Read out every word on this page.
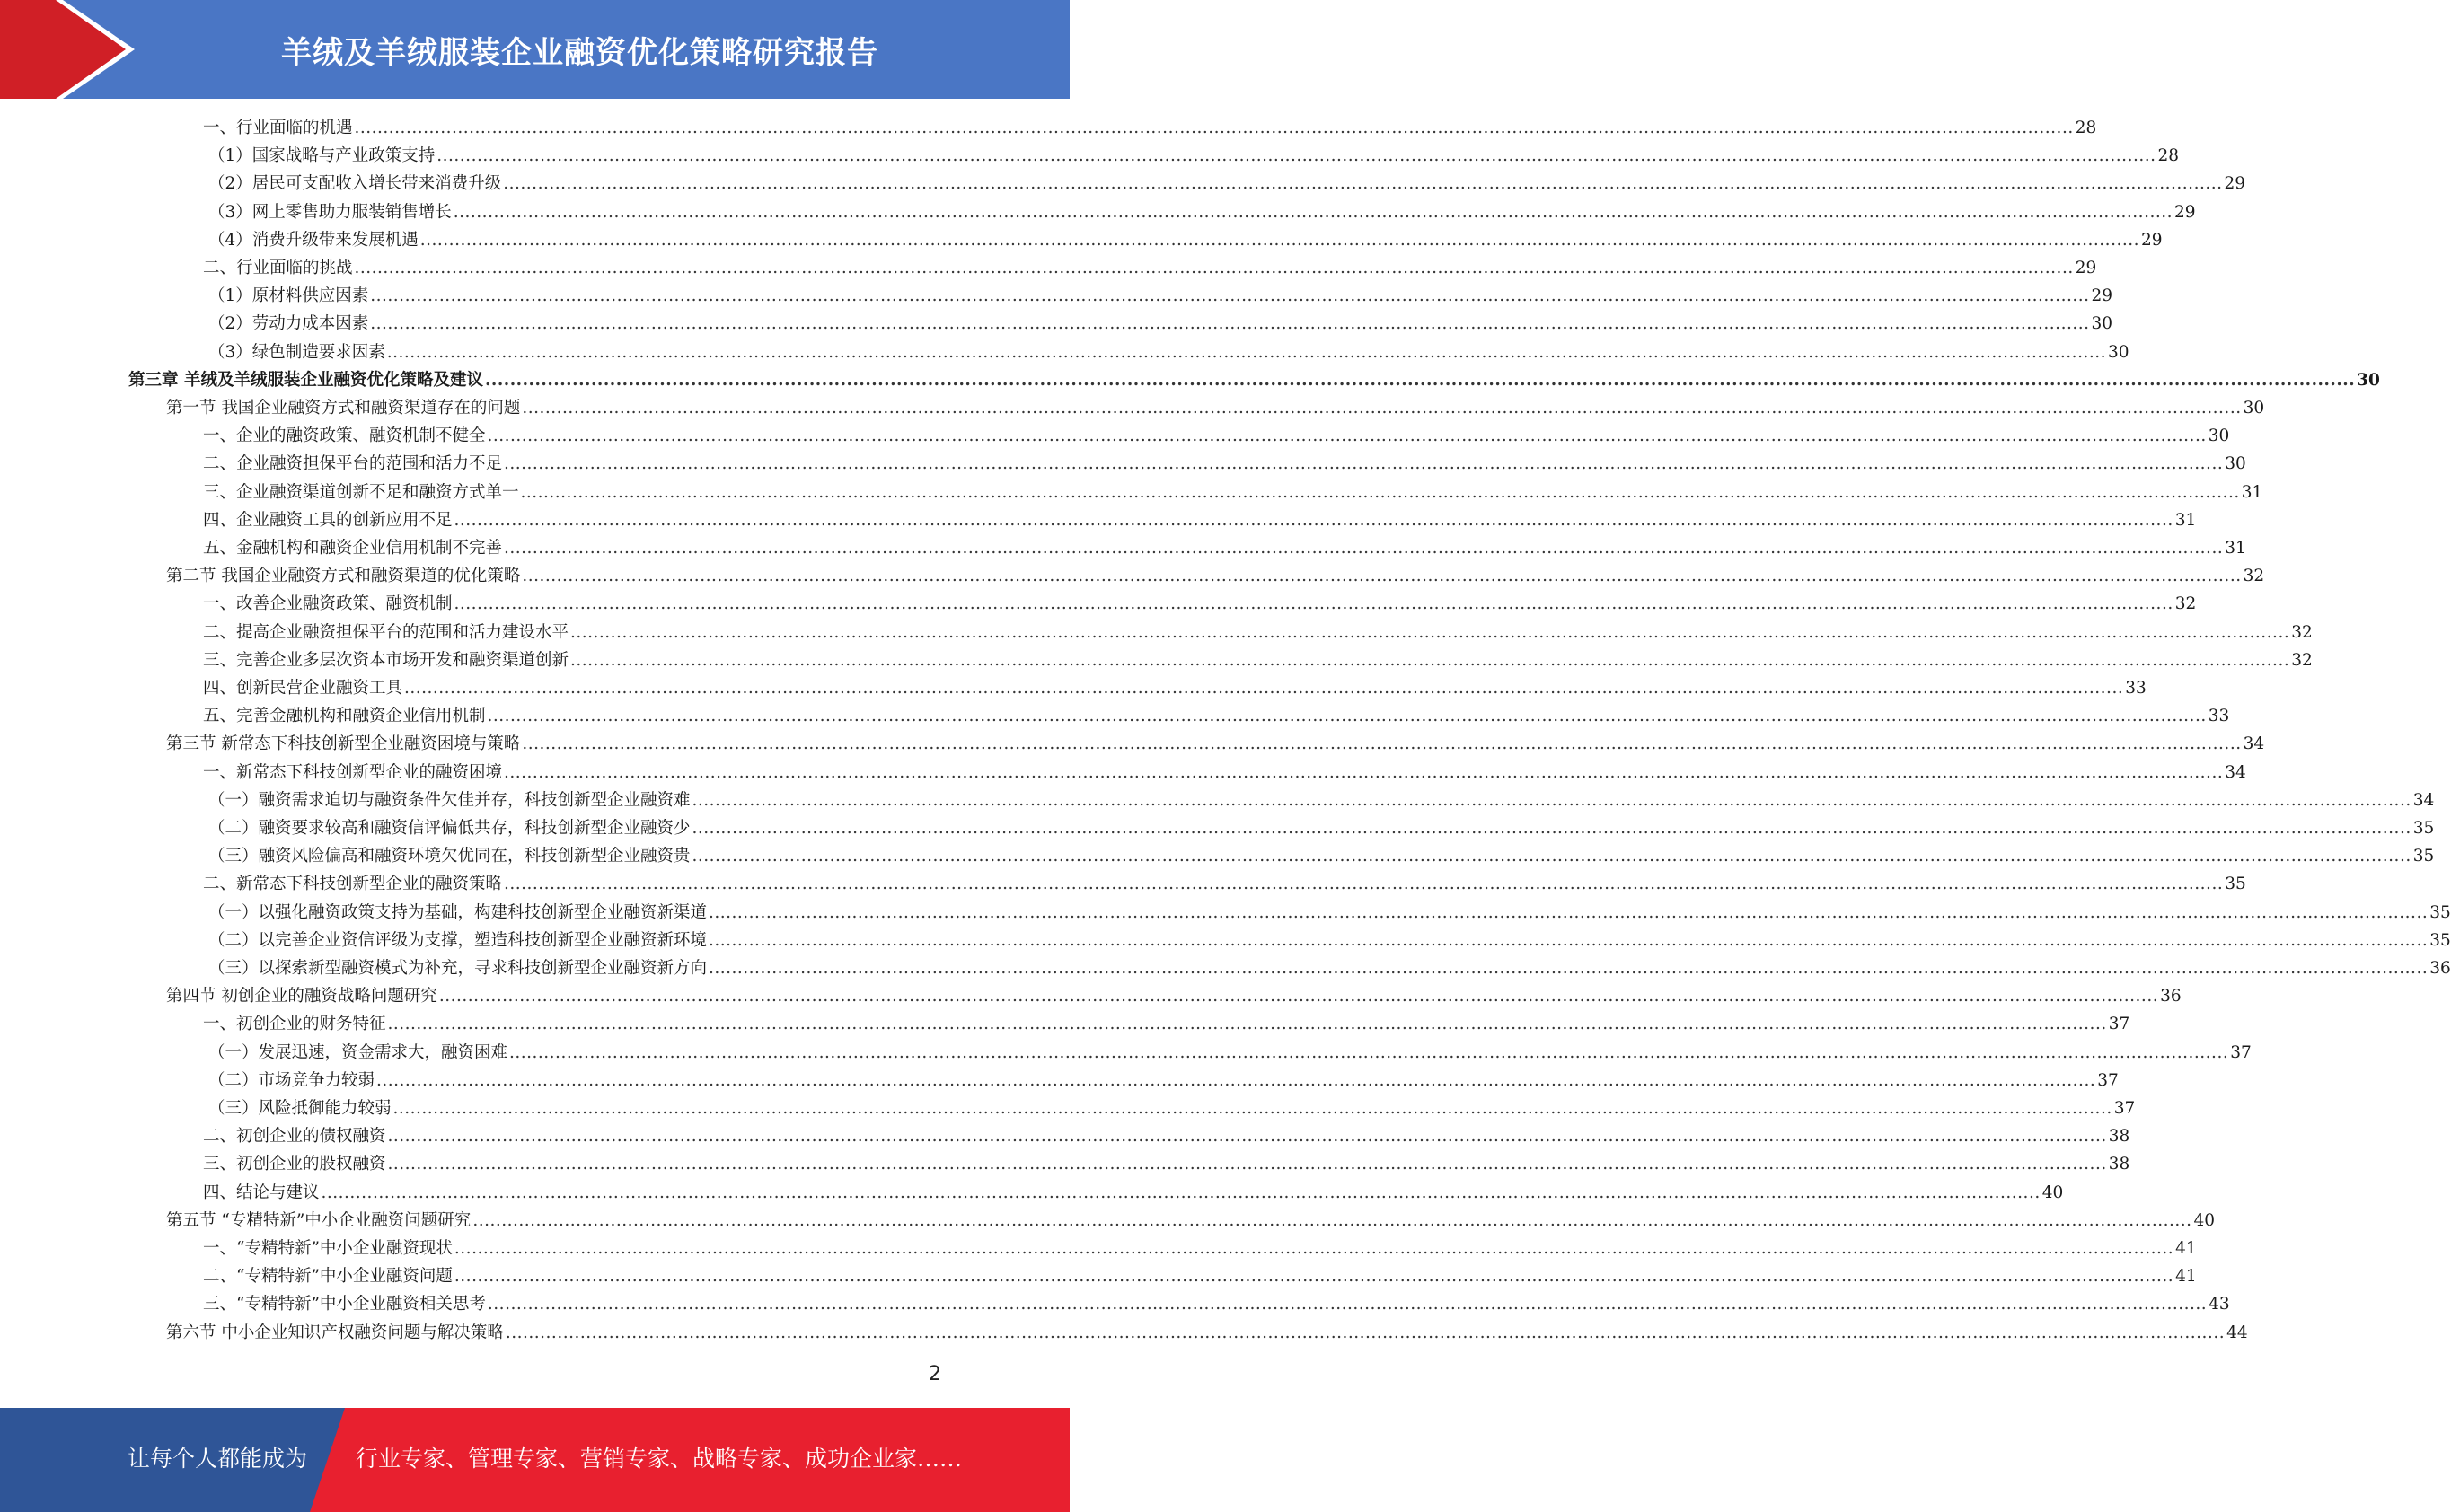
羊绒及羊绒服装企业融资优化策略研究报告
一、行业面临的机遇 ............................................................................................................................................................................................................................................................................................................ 28
（1）国家战略与产业政策支持 ............................................................................................................................................................................................................................................................................................................ 28
（2）居民可支配收入增长带来消费升级 ............................................................................................................................................................................................................................................................................................................ 29
（3）网上零售助力服装销售增长 ............................................................................................................................................................................................................................................................................................................ 29
（4）消费升级带来发展机遇 ............................................................................................................................................................................................................................................................................................................ 29
二、行业面临的挑战 ............................................................................................................................................................................................................................................................................................................ 29
（1）原材料供应因素 ............................................................................................................................................................................................................................................................................................................ 29
（2）劳动力成本因素 ............................................................................................................................................................................................................................................................................................................ 30
（3）绿色制造要求因素 ............................................................................................................................................................................................................................................................................................................ 30
第三章 羊绒及羊绒服装企业融资优化策略及建议 ............................................................................................................................................................................................................................................................................................................ 30
第一节 我国企业融资方式和融资渠道存在的问题 ............................................................................................................................................................................................................................................................................................................ 30
一、企业的融资政策、融资机制不健全 ............................................................................................................................................................................................................................................................................................................ 30
二、企业融资担保平台的范围和活力不足 ............................................................................................................................................................................................................................................................................................................ 30
三、企业融资渠道创新不足和融资方式单一 ............................................................................................................................................................................................................................................................................................................ 31
四、企业融资工具的创新应用不足 ............................................................................................................................................................................................................................................................................................................ 31
五、金融机构和融资企业信用机制不完善 ............................................................................................................................................................................................................................................................................................................ 31
第二节 我国企业融资方式和融资渠道的优化策略 ............................................................................................................................................................................................................................................................................................................ 32
一、改善企业融资政策、融资机制 ............................................................................................................................................................................................................................................................................................................ 32
二、提高企业融资担保平台的范围和活力建设水平 ............................................................................................................................................................................................................................................................................................................ 32
三、完善企业多层次资本市场开发和融资渠道创新 ............................................................................................................................................................................................................................................................................................................ 32
四、创新民营企业融资工具 ............................................................................................................................................................................................................................................................................................................ 33
五、完善金融机构和融资企业信用机制 ............................................................................................................................................................................................................................................................................................................ 33
第三节 新常态下科技创新型企业融资困境与策略 ............................................................................................................................................................................................................................................................................................................ 34
一、新常态下科技创新型企业的融资困境 ............................................................................................................................................................................................................................................................................................................ 34
（一）融资需求迫切与融资条件欠佳并存，科技创新型企业融资难 ............................................................................................................................................................................................................................................................................................................ 34
（二）融资要求较高和融资信评偏低共存，科技创新型企业融资少 ............................................................................................................................................................................................................................................................................................................ 35
（三）融资风险偏高和融资环境欠优同在，科技创新型企业融资贵 ............................................................................................................................................................................................................................................................................................................ 35
二、新常态下科技创新型企业的融资策略 ............................................................................................................................................................................................................................................................................................................ 35
（一）以强化融资政策支持为基础，构建科技创新型企业融资新渠道 ............................................................................................................................................................................................................................................................................................................ 35
（二）以完善企业资信评级为支撑，塑造科技创新型企业融资新环境 ............................................................................................................................................................................................................................................................................................................ 35
（三）以探索新型融资模式为补充，寻求科技创新型企业融资新方向 ............................................................................................................................................................................................................................................................................................................ 36
第四节 初创企业的融资战略问题研究 ............................................................................................................................................................................................................................................................................................................ 36
一、初创企业的财务特征 ............................................................................................................................................................................................................................................................................................................ 37
（一）发展迅速，资金需求大，融资困难 ............................................................................................................................................................................................................................................................................................................ 37
（二）市场竞争力较弱 ............................................................................................................................................................................................................................................................................................................ 37
（三）风险抵御能力较弱 ............................................................................................................................................................................................................................................................................................................ 37
二、初创企业的债权融资 ............................................................................................................................................................................................................................................................................................................ 38
三、初创企业的股权融资 ............................................................................................................................................................................................................................................................................................................ 38
四、结论与建议 ............................................................................................................................................................................................................................................................................................................ 40
第五节 “专精特新”中小企业融资问题研究 ............................................................................................................................................................................................................................................................................................................ 40
一、“专精特新”中小企业融资现状 ............................................................................................................................................................................................................................................................................................................ 41
二、“专精特新”中小企业融资问题 ............................................................................................................................................................................................................................................................................................................ 41
三、“专精特新”中小企业融资相关思考 ............................................................................................................................................................................................................................................................................................................ 43
第六节 中小企业知识产权融资问题与解决策略 ............................................................................................................................................................................................................................................................................................................ 44
2
让每个人都能成为 行业专家、管理专家、营销专家、战略专家、成功企业家……
